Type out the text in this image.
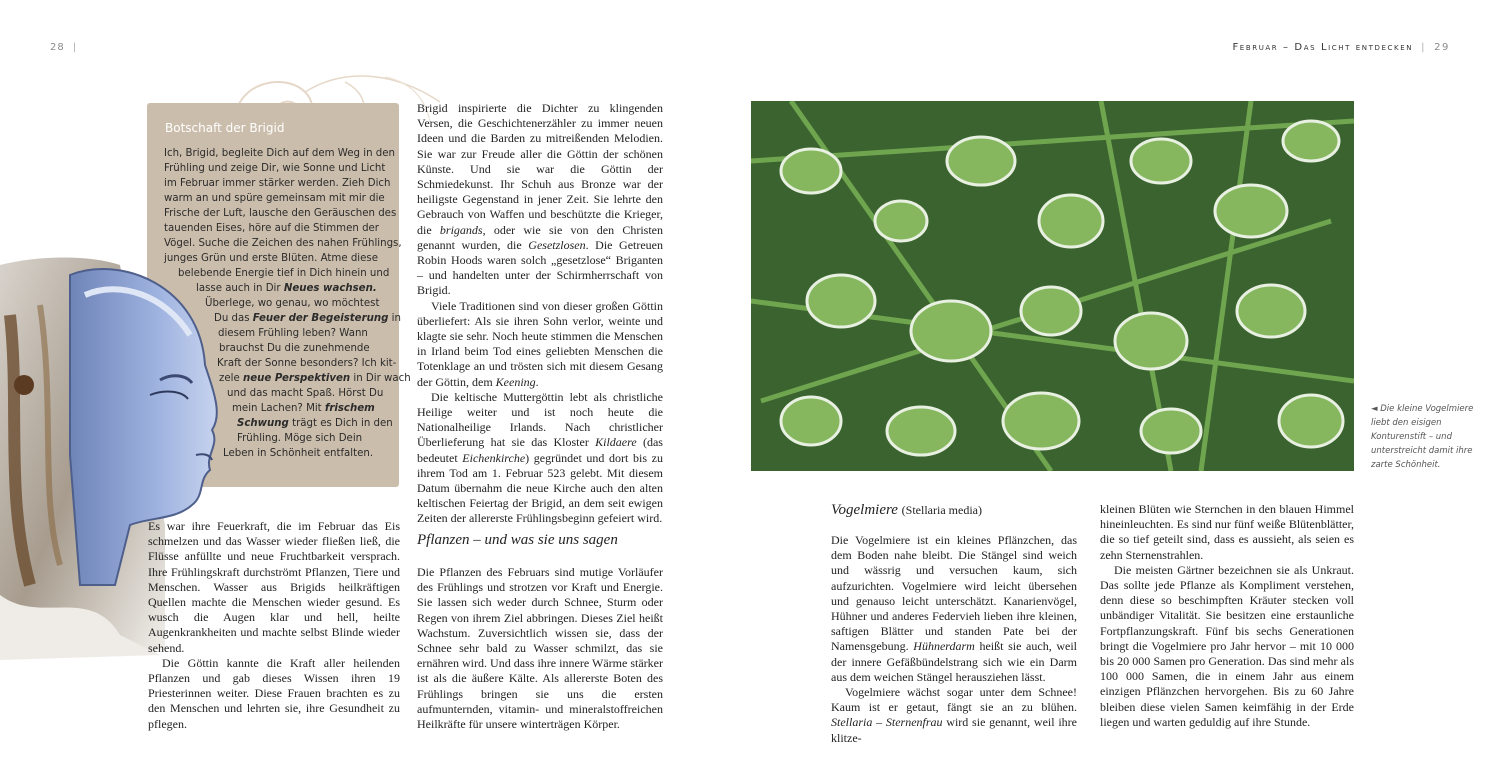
28 |	Februar – Das Licht entdecken | 29
Botschaft der Brigid
Ich, Brigid, begleite Dich auf dem Weg in den
Frühling und zeige Dir, wie Sonne und Licht
im Februar immer stärker werden. Zieh Dich
warm an und spüre gemeinsam mit mir die
Frische der Luft, lausche den Geräuschen des
tauenden Eises, höre auf die Stimmen der
Vögel. Suche die Zeichen des nahen Frühlings,
junges Grün und erste Blüten. Atme diese
belebende Energie tief in Dich hinein und
lasse auch in Dir Neues wachsen.
Überlege, wo genau, wo möchtest
Du das Feuer der Begeisterung in
diesem Frühling leben? Wann
brauchst Du die zunehmende
Kraft der Sonne besonders? Ich kit-
zele neue Perspektiven in Dir wach
und das macht Spaß. Hörst Du
mein Lachen? Mit frischem
Schwung trägt es Dich in den
Frühling. Möge sich Dein
Leben in Schönheit entfalten.

Es war ihre Feuerkraft, die im Februar das Eis schmelzen und das Wasser wieder fließen ließ, die Flüsse anfüllte und neue Fruchtbarkeit versprach. Ihre Frühlingskraft durchströmt Pflanzen, Tiere und Menschen. Wasser aus Brigids heilkräftigen Quellen machte die Menschen wieder gesund. Es wusch die Augen klar und hell, heilte Augenkrankheiten und machte selbst Blinde wieder sehend.

Die Göttin kannte die Kraft aller heilenden Pflanzen und gab dieses Wissen ihren 19 Priesterinnen weiter. Diese Frauen brachten es zu den Menschen und lehrten sie, ihre Gesundheit zu pflegen.

Brigid inspirierte die Dichter zu klingenden Versen, die Geschichtenerzähler zu immer neuen Ideen und die Barden zu mitreißenden Melodien. Sie war zur Freude aller die Göttin der schönen Künste. Und sie war die Göttin der Schmiedekunst. Ihr Schuh aus Bronze war der heiligste Gegenstand in jener Zeit. Sie lehrte den Gebrauch von Waffen und beschützte die Krieger, die brigands, oder wie sie von den Christen genannt wurden, die Gesetzlosen. Die Getreuen Robin Hoods waren solch „gesetzlose“ Briganten – und handelten unter der Schirmherrschaft von Brigid.

Viele Traditionen sind von dieser großen Göttin überliefert: Als sie ihren Sohn verlor, weinte und klagte sie sehr. Noch heute stimmen die Menschen in Irland beim Tod eines geliebten Menschen die Totenklage an und trösten sich mit diesem Gesang der Göttin, dem Keening.

Die keltische Muttergöttin lebt als christliche Heilige weiter und ist noch heute die Nationalheilige Irlands. Nach christlicher Überlieferung hat sie das Kloster Kildaere (das bedeutet Eichenkirche) gegründet und dort bis zu ihrem Tod am 1. Februar 523 gelebt. Mit diesem Datum übernahm die neue Kirche auch den alten keltischen Feiertag der Brigid, an dem seit ewigen Zeiten der allererste Frühlingsbeginn gefeiert wird.

Pflanzen – und was sie uns sagen

Die Pflanzen des Februars sind mutige Vorläufer des Frühlings und strotzen vor Kraft und Energie. Sie lassen sich weder durch Schnee, Sturm oder Regen von ihrem Ziel abbringen. Dieses Ziel heißt Wachstum. Zuversichtlich wissen sie, dass der Schnee sehr bald zu Wasser schmilzt, das sie ernähren wird. Und dass ihre innere Wärme stärker ist als die äußere Kälte. Als allererste Boten des Frühlings bringen sie uns die ersten aufmunternden, vitamin- und mineralstoffreichen Heilkräfte für unsere winterträgen Körper.

◄ Die kleine Vogelmiere liebt den eisigen Konturenstift – und unterstreicht damit ihre zarte Schönheit.
Vogelmiere (Stellaria media)

Die Vogelmiere ist ein kleines Pflänzchen, das dem Boden nahe bleibt. Die Stängel sind weich und wässrig und versuchen kaum, sich aufzurichten. Vogelmiere wird leicht übersehen und genauso leicht unterschätzt. Kanarienvögel, Hühner und anderes Federvieh lieben ihre kleinen, saftigen Blätter und standen Pate bei der Namensgebung. Hühnerdarm heißt sie auch, weil der innere Gefäßbündelstrang sich wie ein Darm aus dem weichen Stängel herausziehen lässt.

Vogelmiere wächst sogar unter dem Schnee! Kaum ist er getaut, fängt sie an zu blühen. Stellaria – Sternenfrau wird sie genannt, weil ihre klitze-

kleinen Blüten wie Sternchen in den blauen Himmel hineinleuchten. Es sind nur fünf weiße Blütenblätter, die so tief geteilt sind, dass es aussieht, als seien es zehn Sternenstrahlen.

Die meisten Gärtner bezeichnen sie als Unkraut. Das sollte jede Pflanze als Kompliment verstehen, denn diese so beschimpften Kräuter stecken voll unbändiger Vitalität. Sie besitzen eine erstaunliche Fortpflanzungskraft. Fünf bis sechs Generationen bringt die Vogelmiere pro Jahr hervor – mit 10 000 bis 20 000 Samen pro Generation. Das sind mehr als 100 000 Samen, die in einem Jahr aus einem einzigen Pflänzchen hervorgehen. Bis zu 60 Jahre bleiben diese vielen Samen keimfähig in der Erde liegen und warten geduldig auf ihre Stunde.
